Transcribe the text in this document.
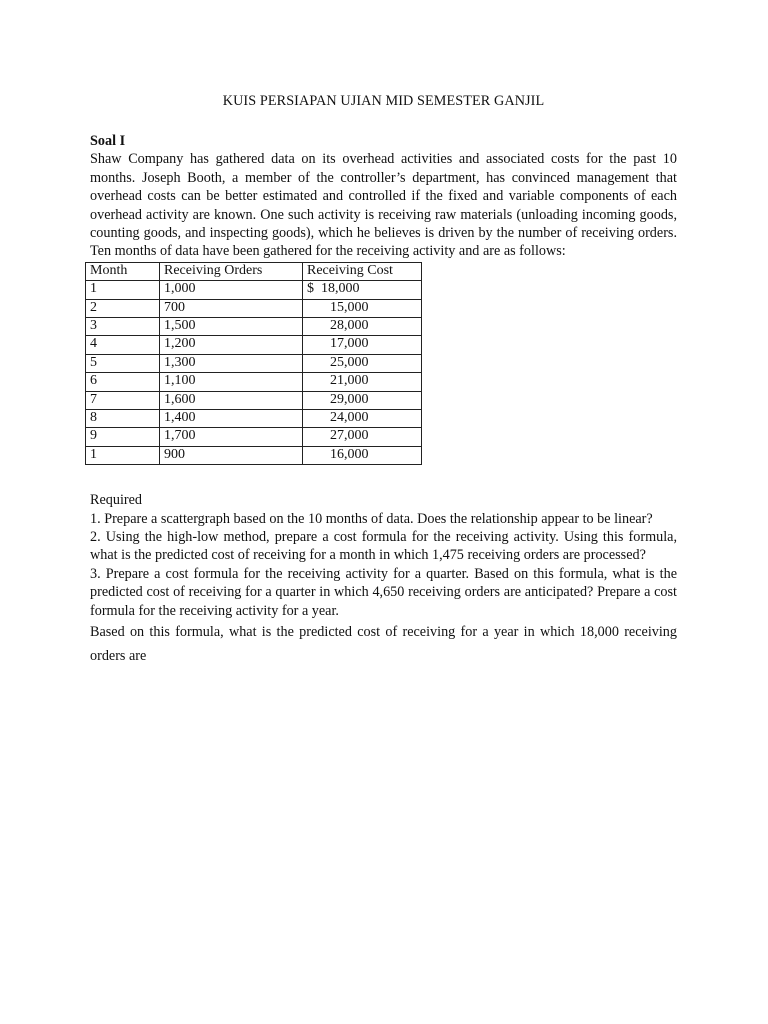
KUIS PERSIAPAN UJIAN MID SEMESTER GANJIL

Soal I

Shaw Company has gathered data on its overhead activities and associated costs for the past 10 months. Joseph Booth, a member of the controller’s department, has convinced management that overhead costs can be better estimated and controlled if the fixed and variable components of each overhead activity are known. One such activity is receiving raw materials (unloading incoming goods, counting goods, and inspecting goods), which he believes is driven by the number of receiving orders. Ten months of data have been gathered for the receiving activity and are as follows:

Month	Receiving Orders	Receiving Cost
1	1,000	$  18,000
2	700	15,000
3	1,500	28,000
4	1,200	17,000
5	1,300	25,000
6	1,100	21,000
7	1,600	29,000
8	1,400	24,000
9	1,700	27,000
1	900	16,000

Required

1. Prepare a scattergraph based on the 10 months of data. Does the relationship appear to be linear?

2. Using the high-low method, prepare a cost formula for the receiving activity. Using this formula, what is the predicted cost of receiving for a month in which 1,475 receiving orders are processed?

3. Prepare a cost formula for the receiving activity for a quarter. Based on this formula, what is the predicted cost of receiving for a quarter in which 4,650 receiving orders are anticipated? Prepare a cost formula for the receiving activity for a year.

Based on this formula, what is the predicted cost of receiving for a year in which 18,000 receiving orders are
